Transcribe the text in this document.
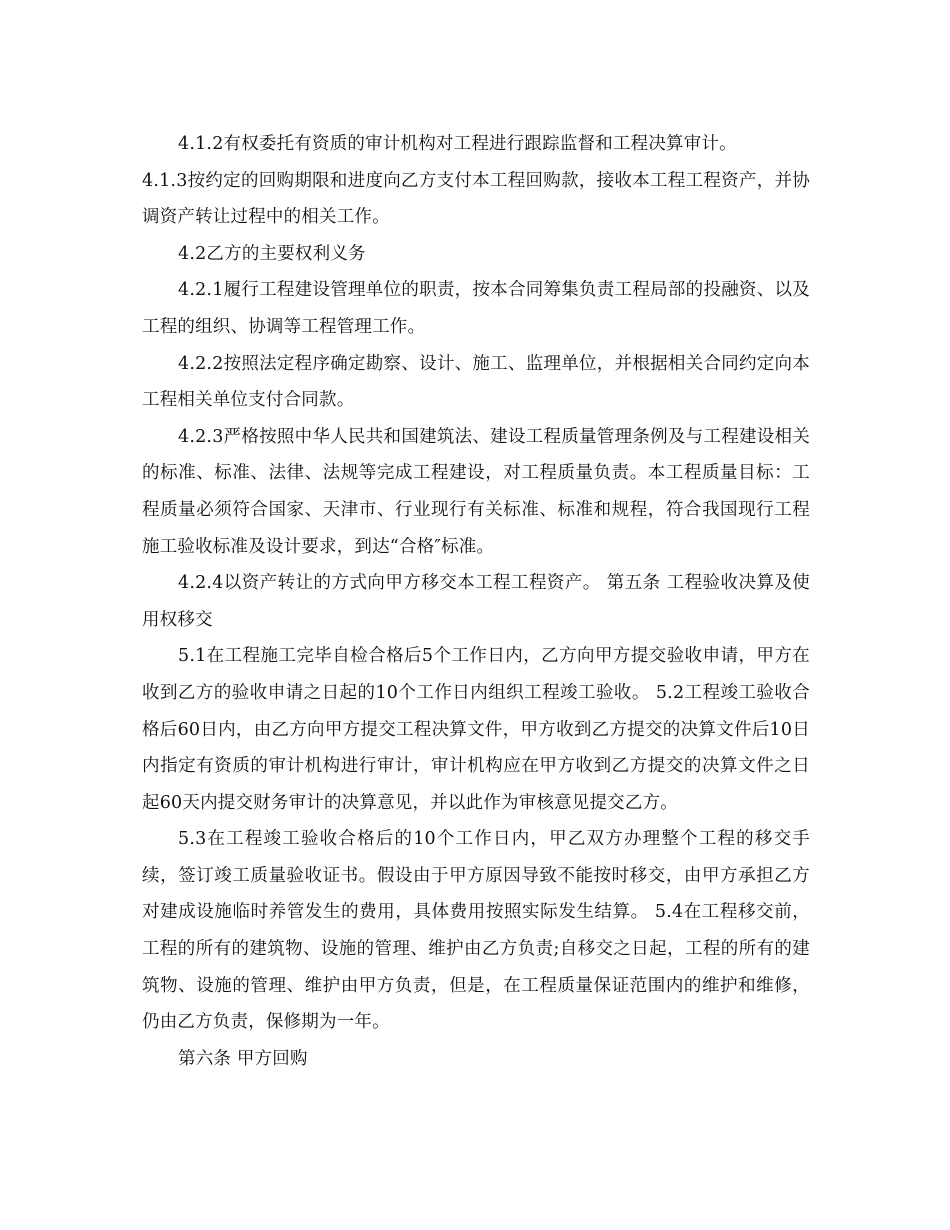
4.1.2有权委托有资质的审计机构对工程进行跟踪监督和工程决算审计。

4.1.3按约定的回购期限和进度向乙方支付本工程回购款，接收本工程工程资产，并协调资产转让过程中的相关工作。

4.2乙方的主要权利义务

4.2.1履行工程建设管理单位的职责，按本合同筹集负责工程局部的投融资、以及工程的组织、协调等工程管理工作。

4.2.2按照法定程序确定勘察、设计、施工、监理单位，并根据相关合同约定向本工程相关单位支付合同款。

4.2.3严格按照中华人民共和国建筑法、建设工程质量管理条例及与工程建设相关的标准、标准、法律、法规等完成工程建设，对工程质量负责。本工程质量目标：工程质量必须符合国家、天津市、行业现行有关标准、标准和规程，符合我国现行工程施工验收标准及设计要求，到达“合格″标准。

4.2.4以资产转让的方式向甲方移交本工程工程资产。 第五条 工程验收决算及使用权移交

5.1在工程施工完毕自检合格后5个工作日内，乙方向甲方提交验收申请，甲方在收到乙方的验收申请之日起的10个工作日内组织工程竣工验收。 5.2工程竣工验收合格后60日内，由乙方向甲方提交工程决算文件，甲方收到乙方提交的决算文件后10日内指定有资质的审计机构进行审计，审计机构应在甲方收到乙方提交的决算文件之日起60天内提交财务审计的决算意见，并以此作为审核意见提交乙方。

5.3在工程竣工验收合格后的10个工作日内，甲乙双方办理整个工程的移交手续，签订竣工质量验收证书。假设由于甲方原因导致不能按时移交，由甲方承担乙方对建成设施临时养管发生的费用，具体费用按照实际发生结算。 5.4在工程移交前，工程的所有的建筑物、设施的管理、维护由乙方负责;自移交之日起，工程的所有的建筑物、设施的管理、维护由甲方负责，但是，在工程质量保证范围内的维护和维修，仍由乙方负责，保修期为一年。

第六条 甲方回购
